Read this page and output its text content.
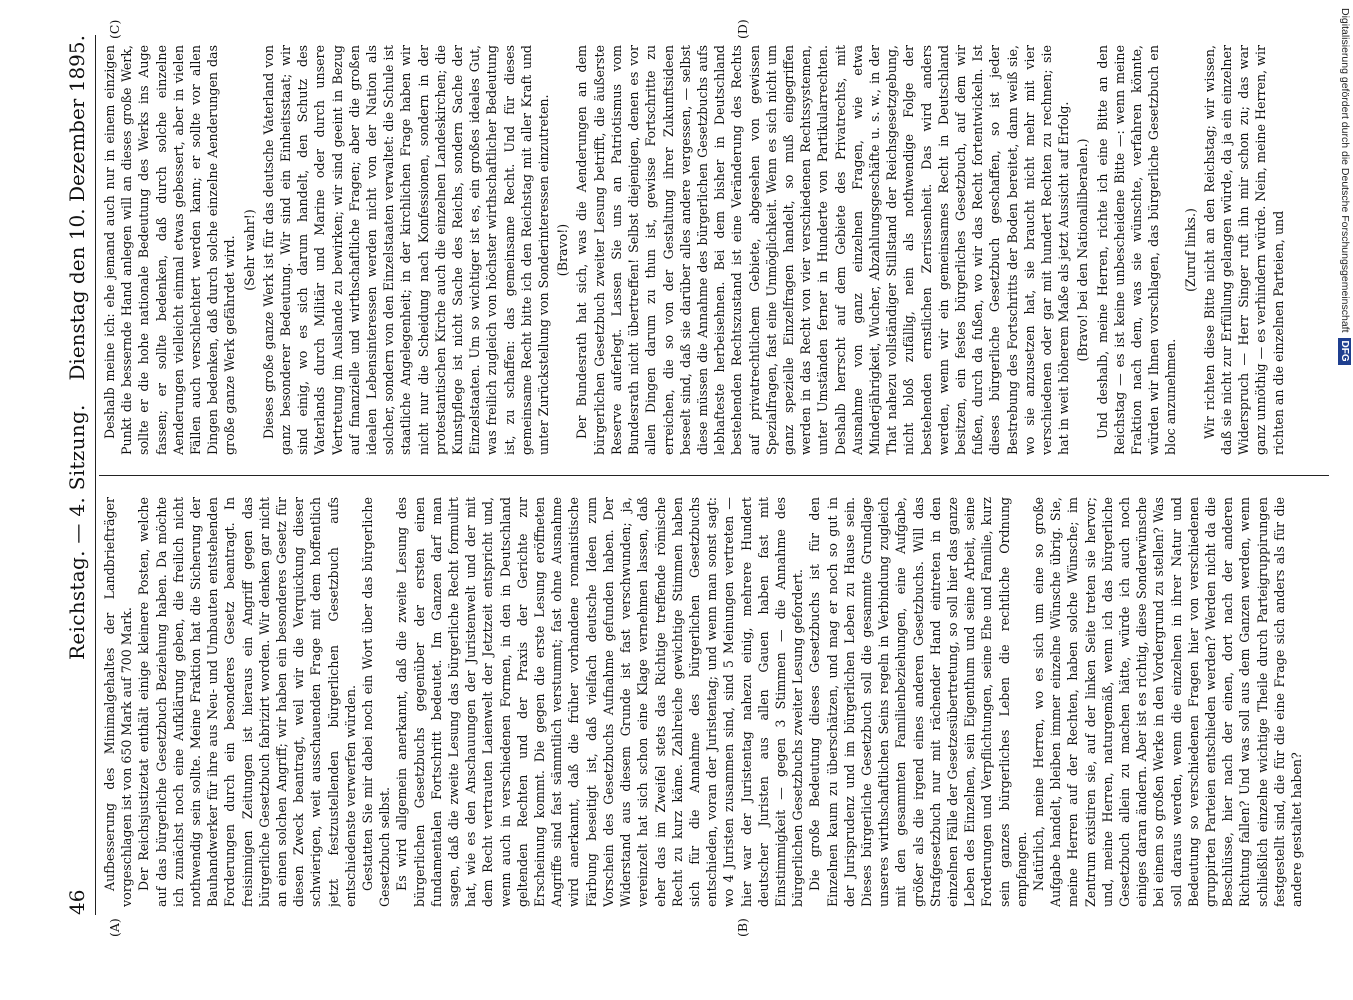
46
Reichstag. — 4. Sitzung.
Dienstag den 10. Dezember 1895.
(A)	(B)
(C)	(D)

Aufbesserung des Minimalgehaltes der Landbriefträger vorgeschlagen ist von 650 Mark auf 700 Mark. Der Reichsjustizetat enthält einige kleinere Posten, welche auf das bürgerliche Gesetzbuch Beziehung haben. Da möchte ich zunächst noch eine Aufklärung geben, die freilich nicht nothwendig sein sollte. Meine Fraktion hat die Sicherung der Bauhandwerker für ihre aus Neu- und Umbauten entstehenden Forderungen durch ein besonderes Gesetz beantragt. In freisinnigen Zeitungen ist hieraus ein Angriff gegen das bürgerliche Gesetzbuch fabrizirt worden. Wir denken gar nicht an einen solchen Angriff; wir haben ein besonderes Gesetz für diesen Zweck beantragt, weil wir die Verquickung dieser schwierigen, weit ausschauenden Frage mit dem hoffentlich jetzt festzustellenden bürgerlichen Gesetzbuch aufs entschiedenste verwerfen würden. Gestatten Sie mir dabei noch ein Wort über das bürgerliche Gesetzbuch selbst. Es wird allgemein anerkannt, daß die zweite Lesung des bürgerlichen Gesetzbuchs gegenüber der ersten einen fundamentalen Fortschritt bedeutet. Im Ganzen darf man sagen, daß die zweite Lesung das bürgerliche Recht formulirt hat, wie es den Anschauungen der Juristenwelt und der mit dem Recht vertrauten Laienwelt der Jetztzeit entspricht und, wenn auch in verschiedenen Formen, in den in Deutschland geltenden Rechten und der Praxis der Gerichte zur Erscheinung kommt. Die gegen die erste Lesung eröffneten Angriffe sind fast sämmtlich verstummt; fast ohne Ausnahme wird anerkannt, daß die früher vorhandene romanistische Färbung beseitigt ist, daß vielfach deutsche Ideen zum Vorschein des Gesetzbuchs Aufnahme gefunden haben. Der Widerstand aus diesem Grunde ist fast verschwunden; ja, vereinzelt hat sich schon eine Klage vernehmen lassen, daß eher das im Zweifel stets das Richtige treffende römische Recht zu kurz käme. Zahlreiche gewichtige Stimmen haben sich für die Annahme des bürgerlichen Gesetzbuchs entschieden, voran der Juristentag; und wenn man sonst sagt: wo 4 Juristen zusammen sind, sind 5 Meinungen vertreten — hier war der Juristentag nahezu einig, mehrere Hundert deutscher Juristen aus allen Gauen haben fast mit Einstimmigkeit — gegen 3 Stimmen — die Annahme des bürgerlichen Gesetzbuchs zweiter Lesung gefordert. Die große Bedeutung dieses Gesetzbuchs ist für den Einzelnen kaum zu überschätzen, und mag er noch so gut in der Jurisprudenz und im bürgerlichen Leben zu Hause sein. Dieses bürgerliche Gesetzbuch soll die gesammte Grundlage unseres wirthschaftlichen Seins regeln in Verbindung zugleich mit den gesammten Familienbeziehungen, eine Aufgabe, größer als die irgend eines anderen Gesetzbuchs. Will das Strafgesetzbuch nur mit rächender Hand eintreten in den einzelnen Fälle der Gesetzesübertretung, so soll hier das ganze Leben des Einzelnen, sein Eigenthum und seine Arbeit, seine Forderungen und Verpflichtungen, seine Ehe und Familie, kurz sein ganzes bürgerliches Leben die rechtliche Ordnung empfangen. Natürlich, meine Herren, wo es sich um eine so große Aufgabe handelt, bleiben immer einzelne Wünsche übrig. Sie, meine Herren auf der Rechten, haben solche Wünsche; im Zentrum existiren sie, auf der linken Seite treten sie hervor; und, meine Herren, naturgemäß, wenn ich das bürgerliche Gesetzbuch allein zu machen hätte, würde ich auch noch einiges daran ändern. Aber ist es richtig, diese Sonderwünsche bei einem so großen Werke in den Vordergrund zu stellen? Was soll daraus werden, wenn die einzelnen in ihrer Natur und Bedeutung so verschiedenen Fragen hier von verschiedenen gruppirten Parteien entschieden werden? Werden nicht da die Beschlüsse, hier nach der einen, dort nach der anderen Richtung fallen? Und was soll aus dem Ganzen werden, wenn schließlich einzelne wichtige Theile durch Parteigruppirungen festgestellt sind, die für die eine Frage sich anders als für die andere gestaltet haben?

Deshalb meine ich: ehe jemand auch nur in einem einzigen Punkt die bessernde Hand anlegen will an dieses große Werk, sollte er die hohe nationale Bedeutung des Werks ins Auge fassen; er sollte bedenken, daß durch solche einzelne Aenderungen vielleicht einmal etwas gebessert, aber in vielen Fällen auch verschlechtert werden kann; er sollte vor allen Dingen bedenken, daß durch solche einzelne Aenderungen das große ganze Werk gefährdet wird. (Sehr wahr!) Dieses große ganze Werk ist für das deutsche Vaterland von ganz besonderer Bedeutung. Wir sind ein Einheitsstaat; wir sind einig, wo es sich darum handelt, den Schutz des Vaterlands durch Militär und Marine oder durch unsere Vertretung im Auslande zu bewirken; wir sind geeint in Bezug auf finanzielle und wirthschaftliche Fragen; aber die großen idealen Lebensinteressen werden nicht von der Nation als solcher, sondern von den Einzelstaaten verwaltet: die Schule ist staatliche Angelegenheit; in der kirchlichen Frage haben wir nicht nur die Scheidung nach Konfessionen, sondern in der protestantischen Kirche auch die einzelnen Landeskirchen; die Kunstpflege ist nicht Sache des Reichs, sondern Sache der Einzelstaaten. Um so wichtiger ist es, ein großes ideales Gut, was freilich zugleich von höchster wirthschaftlicher Bedeutung ist, zu schaffen: das gemeinsame Recht. Und für dieses gemeinsame Recht bitte ich den Reichstag mit aller Kraft und unter Zurückstellung von Sonderinteressen einzutreten. (Bravo!) Der Bundesrath hat sich, was die Aenderungen an dem bürgerlichen Gesetzbuch zweiter Lesung betrifft, die äußerste Reserve auferlegt. Lassen Sie uns an Patriotismus vom Bundesrath nicht übertreffen! Selbst diejenigen, denen es vor allen Dingen darum zu thun ist, gewisse Fortschritte zu erreichen, die so von der Gestaltung ihrer Zukunftsideen beseelt sind, daß sie darüber alles andere vergessen, — selbst diese müssen die Annahme des bürgerlichen Gesetzbuchs aufs lebhafteste herbeisehnen. Bei dem bisher in Deutschland bestehenden Rechtszustand ist eine Veränderung des Rechts auf privatrechtlichem Gebiete, abgesehen von gewissen Spezialfragen, fast eine Unmöglichkeit. Wenn es sich nicht um ganz spezielle Einzelfragen handelt, so muß eingegriffen werden in das Recht von vier verschiedenen Rechtssystemen, unter Umständen ferner in Hunderte von Partikularrechten. Deshalb herrscht auf dem Gebiete des Privatrechts, mit Ausnahme von ganz einzelnen Fragen, wie etwa Minderjährigkeit, Wucher, Abzahlungsgeschäfte u. s. w., in der That nahezu vollständiger Stillstand der Reichsgesetzgebung, nicht bloß zufällig, nein als nothwendige Folge der bestehenden ernstlichen Zerrissenheit. Das wird anders werden, wenn wir ein gemeinsames Recht in Deutschland besitzen, ein festes bürgerliches Gesetzbuch, auf dem wir fußen, durch da fußen, wo wir das Recht fortentwickeln. Ist dieses bürgerliche Gesetzbuch geschaffen, so ist jeder Bestrebung des Fortschritts der Boden bereitet, dann weiß sie, wo sie anzusetzen hat, sie braucht nicht mehr mit vier verschiedenen oder gar mit hundert Rechten zu rechnen; sie hat in weit höherem Maße als jetzt Aussicht auf Erfolg. (Bravo! bei den Nationalliberalen.) Und deshalb, meine Herren, richte ich eine Bitte an den Reichstag — es ist keine unbescheidene Bitte —: wenn meine Fraktion nach dem, was sie wünschte, verfahren könnte, würden wir Ihnen vorschlagen, das bürgerliche Gesetzbuch en bloc anzunehmen.

(Zuruf links.) Wir richten diese Bitte nicht an den Reichstag; wir wissen, daß sie nicht zur Erfüllung gelangen würde, da ja ein einzelner Widerspruch — Herr Singer ruft ihn mir schon zu; das war ganz unnöthig — es verhindern würde. Nein, meine Herren, wir richten an die einzelnen Parteien, und

Digitalisierung gefördert durch die Deutsche ForschungsgemeinschaftDFG
